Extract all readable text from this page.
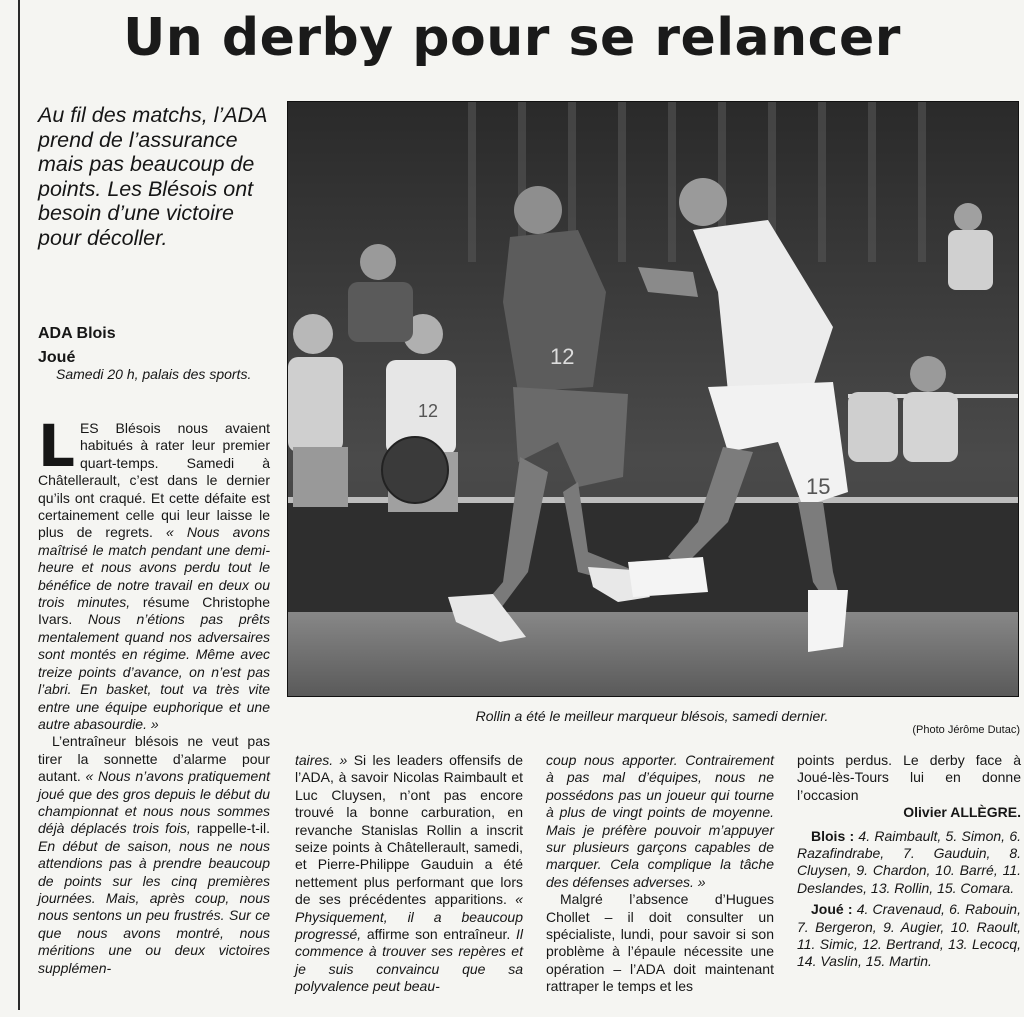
Un derby pour se relancer

Au fil des matchs, l’ADA prend de l’assurance mais pas beaucoup de points. Les Blésois ont besoin d’une victoire pour décoller.

ADA Blois
Joué
Samedi 20 h, palais des sports.

LES Blésois nous avaient habitués à rater leur premier quart-temps. Samedi à Châtellerault, c’est dans le dernier qu’ils ont craqué. Et cette défaite est certainement celle qui leur laisse le plus de regrets. « Nous avons maîtrisé le match pendant une demi-heure et nous avons perdu tout le bénéfice de notre travail en deux ou trois minutes, résume Christophe Ivars. Nous n’étions pas prêts mentalement quand nos adversaires sont montés en régime. Même avec treize points d’avance, on n’est pas l’abri. En basket, tout va très vite entre une équipe euphorique et une autre abasourdie. »

L’entraîneur blésois ne veut pas tirer la sonnette d’alarme pour autant. « Nous n’avons pratiquement joué que des gros depuis le début du championnat et nous nous sommes déjà déplacés trois fois, rappelle-t-il. En début de saison, nous ne nous attendions pas à prendre beaucoup de points sur les cinq premières journées. Mais, après coup, nous nous sentons un peu frustrés. Sur ce que nous avons montré, nous méritions une ou deux victoires supplémen-

12
12
15
Rollin a été le meilleur marqueur blésois, samedi dernier.
(Photo Jérôme Dutac)

taires. » Si les leaders offensifs de l’ADA, à savoir Nicolas Raimbault et Luc Cluysen, n’ont pas encore trouvé la bonne carburation, en revanche Stanislas Rollin a inscrit seize points à Châtellerault, samedi, et Pierre-Philippe Gauduin a été nettement plus performant que lors de ses précédentes apparitions. « Physiquement, il a beaucoup progressé, affirme son entraîneur. Il commence à trouver ses repères et je suis convaincu que sa polyvalence peut beau-

coup nous apporter. Contrairement à pas mal d’équipes, nous ne possédons pas un joueur qui tourne à plus de vingt points de moyenne. Mais je préfère pouvoir m’appuyer sur plusieurs garçons capables de marquer. Cela complique la tâche des défenses adverses. »

Malgré l’absence d’Hugues Chollet – il doit consulter un spécialiste, lundi, pour savoir si son problème à l’épaule nécessite une opération – l’ADA doit maintenant rattraper le temps et les

points perdus. Le derby face à Joué-lès-Tours lui en donne l’occasion

Olivier ALLÈGRE.

Blois : 4. Raimbault, 5. Simon, 6. Razafindrabe, 7. Gauduin, 8. Cluysen, 9. Chardon, 10. Barré, 11. Deslandes, 13. Rollin, 15. Comara.

Joué : 4. Cravenaud, 6. Rabouin, 7. Bergeron, 9. Augier, 10. Raoult, 11. Simic, 12. Bertrand, 13. Lecocq, 14. Vaslin, 15. Martin.
